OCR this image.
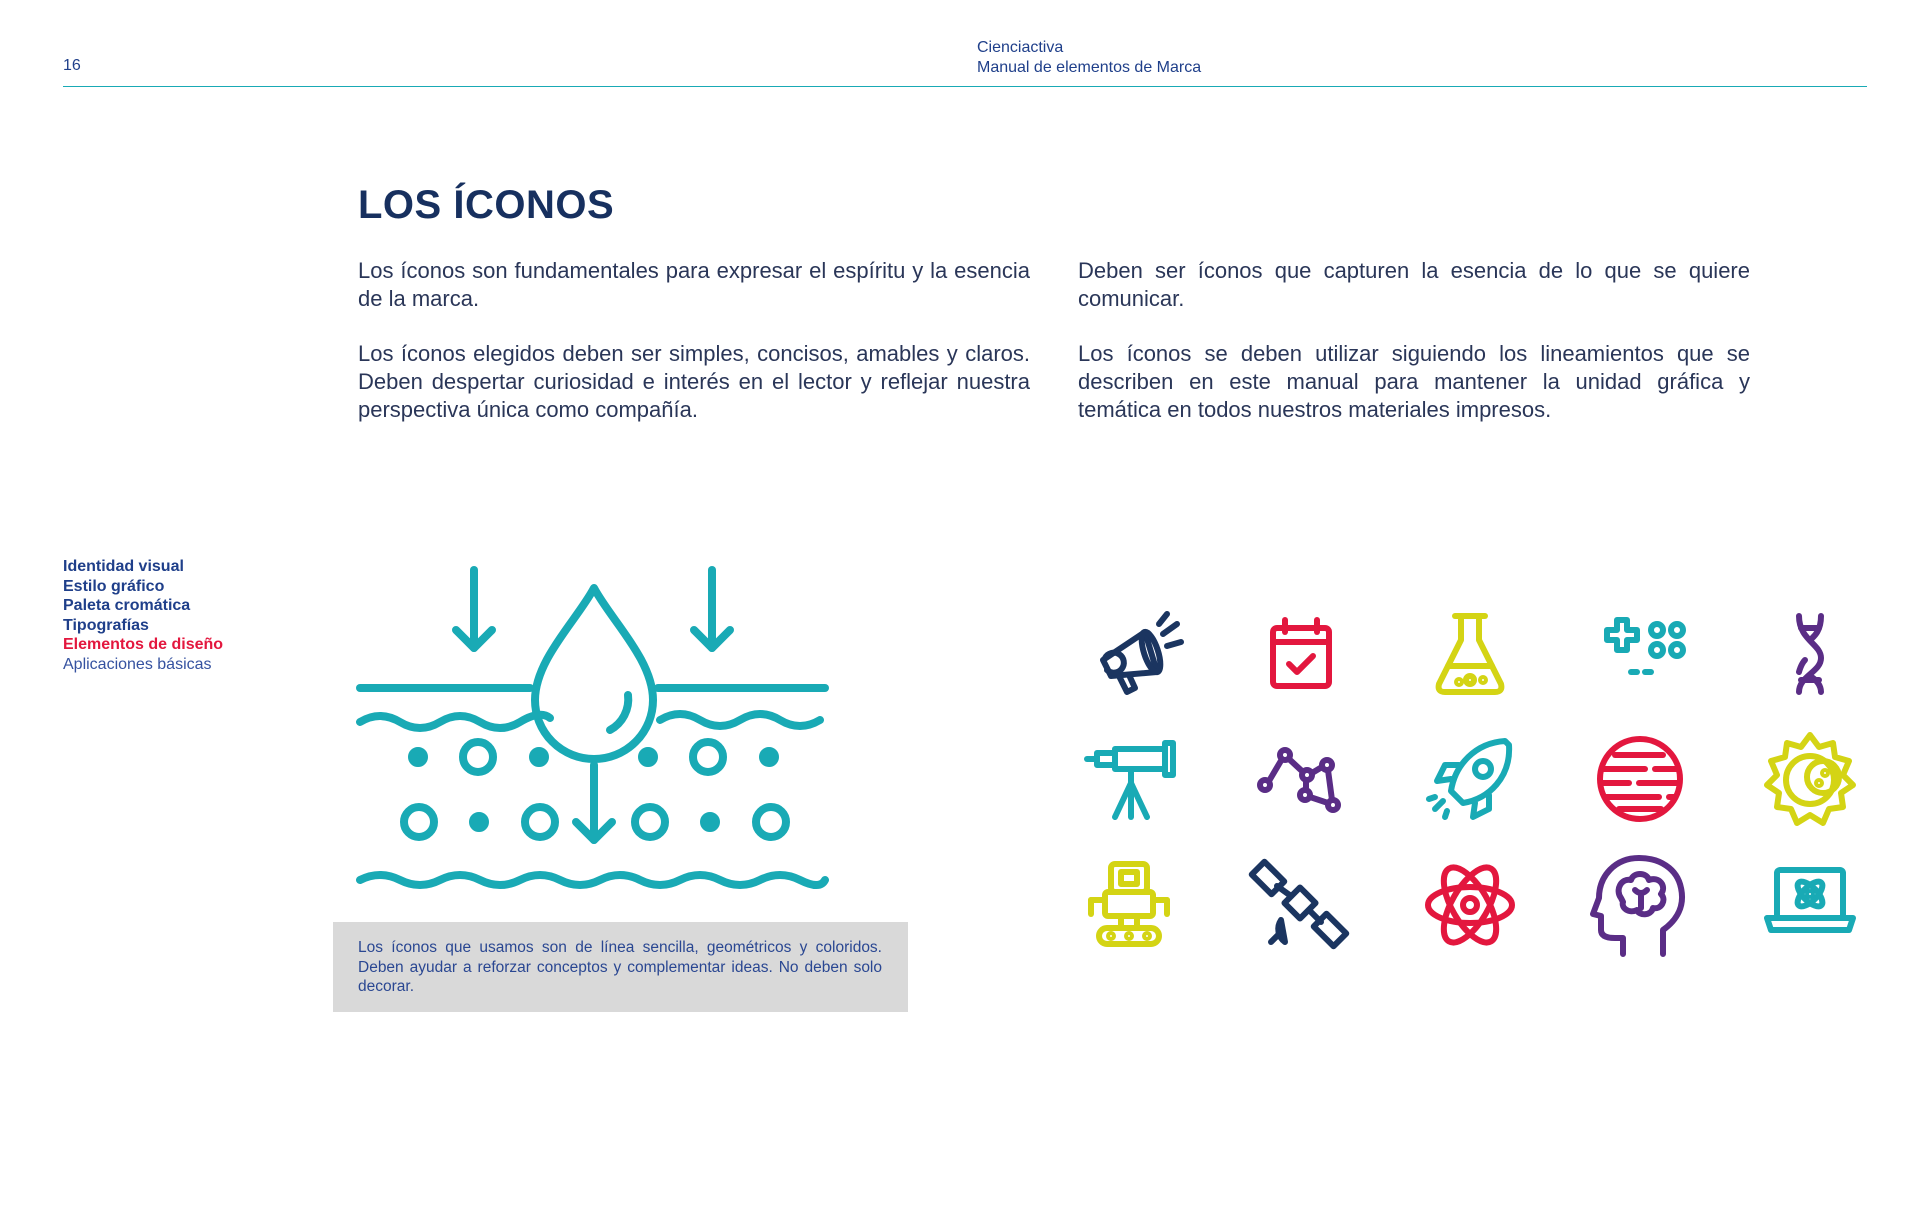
16
Cienciactiva
Manual de elementos de Marca
LOS ÍCONOS

Los íconos son fundamentales para expresar el espíritu y la esencia de la marca.

Los íconos elegidos deben ser simples, concisos, amables y claros. Deben despertar curiosidad e interés en el lector y reflejar nuestra perspectiva única como compañía.

Deben ser íconos que capturen la esencia de lo que se quiere comunicar.

Los íconos se deben utilizar siguiendo los lineamientos que se describen en este manual para mantener la unidad gráfica y temática en todos nuestros materiales impresos.

Identidad visual
Estilo gráfico
Paleta cromática
Tipografías
Elementos de diseño
Aplicaciones básicas
Los íconos que usamos son de línea sencilla, geométricos y coloridos. Deben ayudar a reforzar conceptos y complementar ideas. No deben solo decorar.
